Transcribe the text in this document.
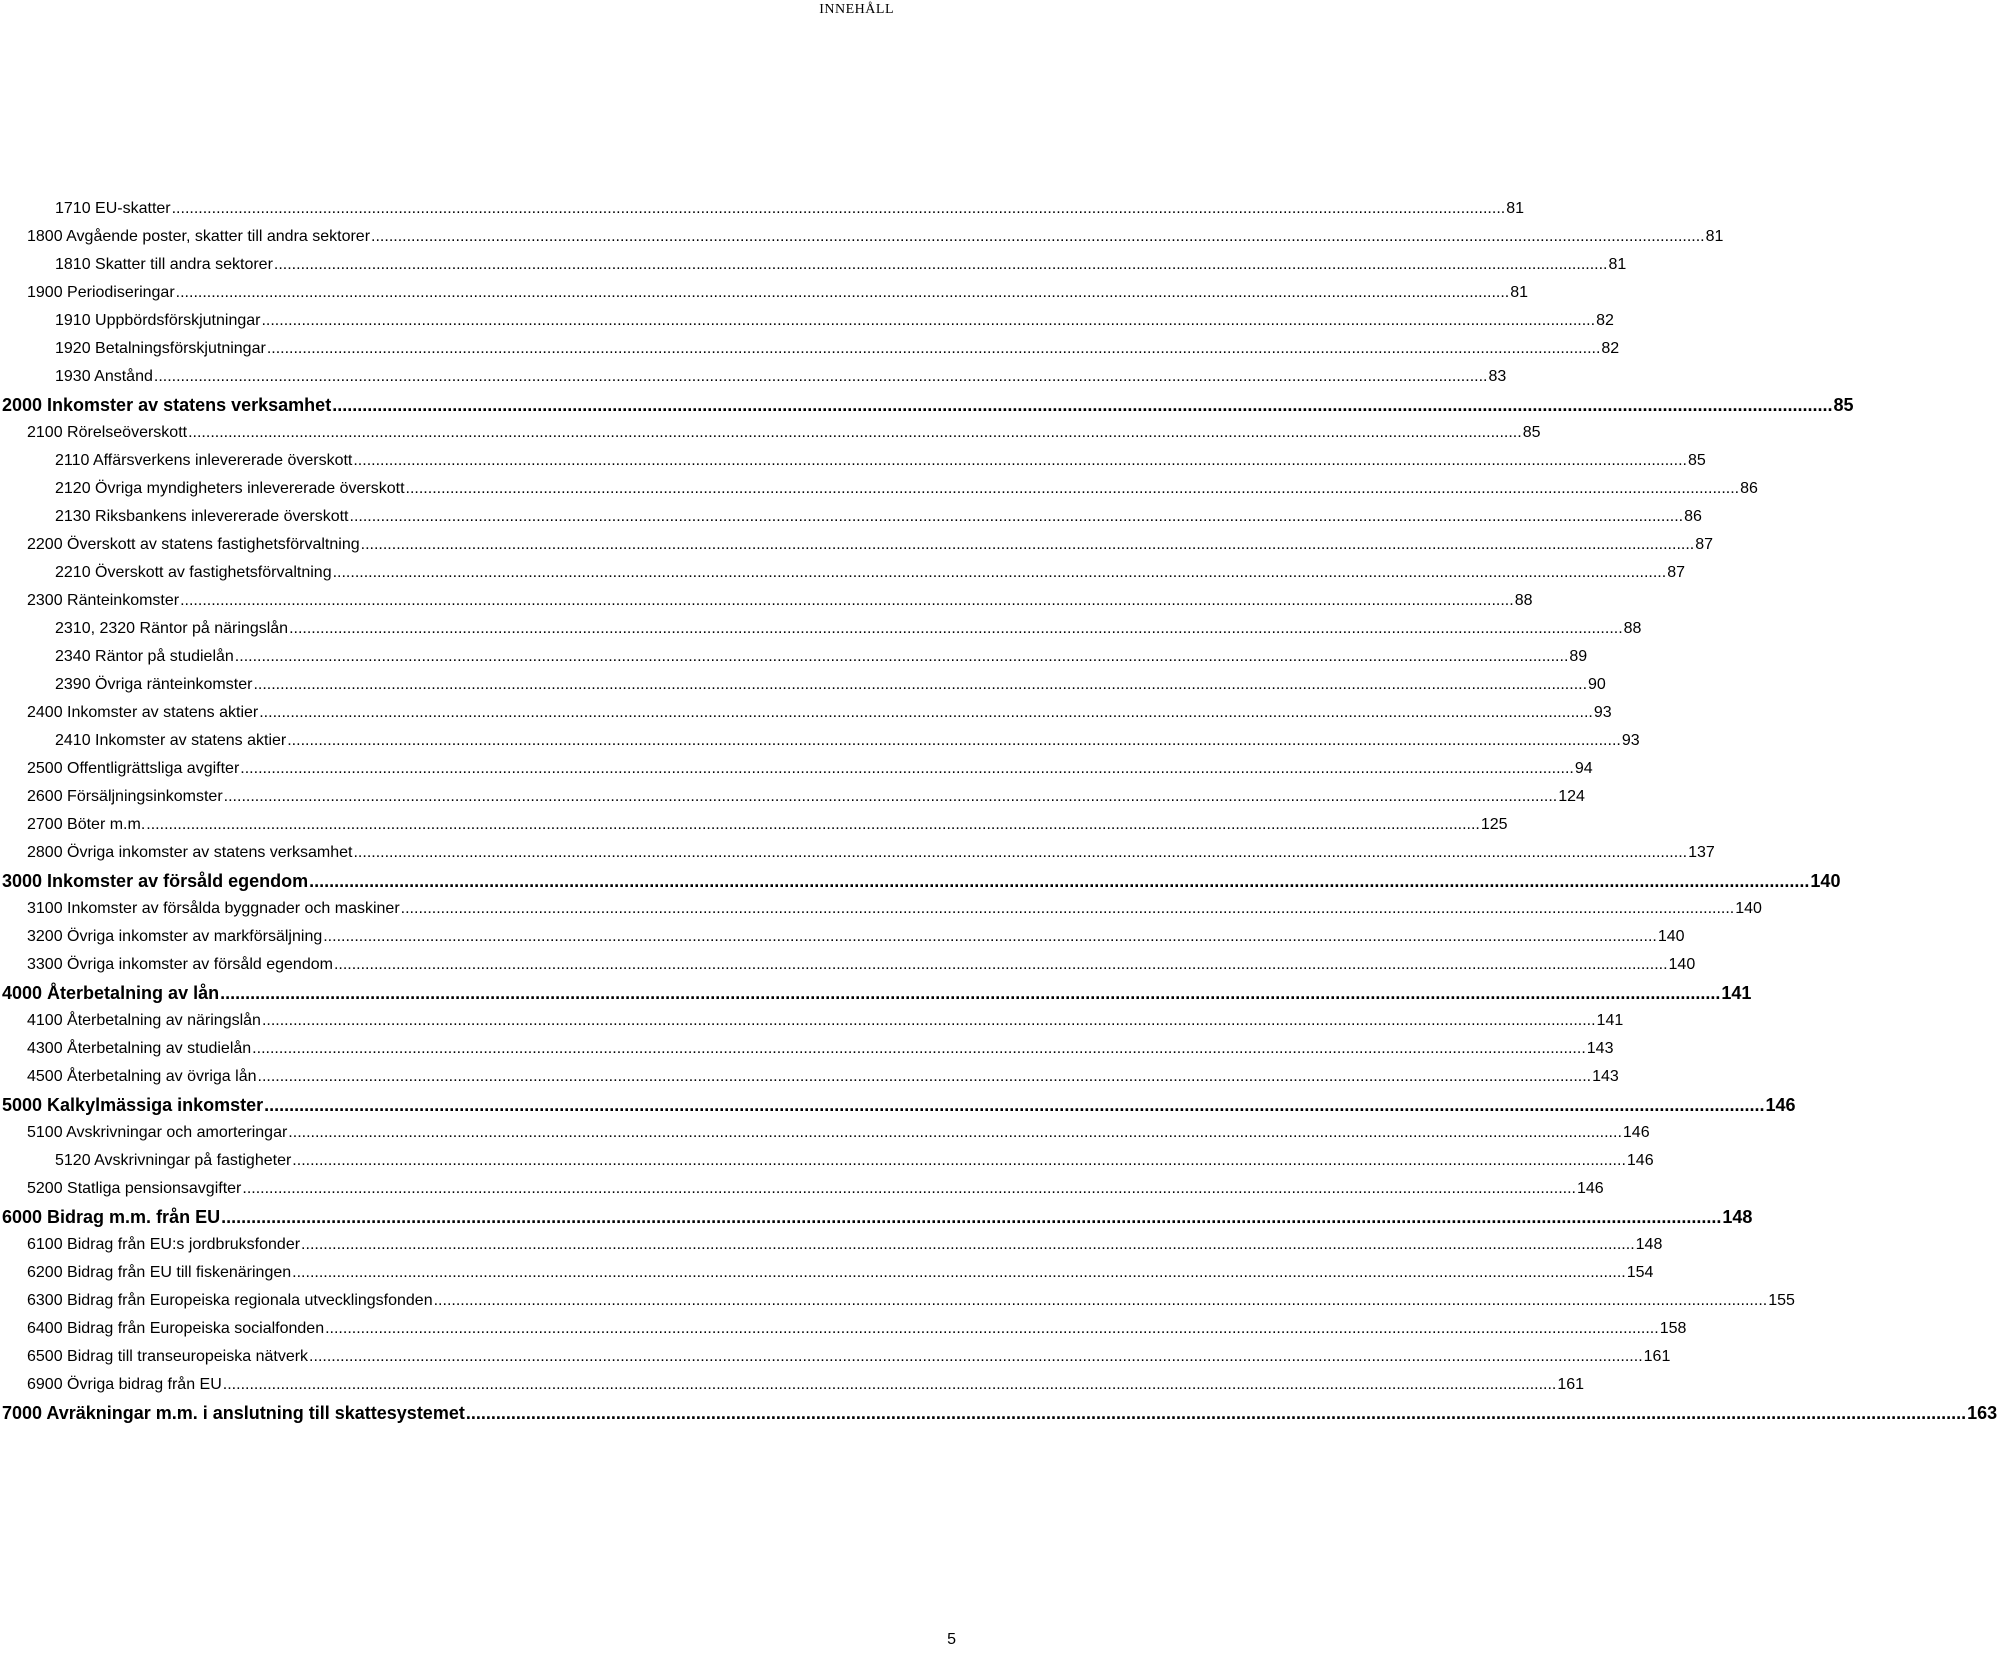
INNEHÅLL
1710 EU-skatter ............................................................................................................................................................................................................................................................................................................ 81
1800 Avgående poster, skatter till andra sektorer ............................................................................................................................................................................................................................................................................................................ 81
1810 Skatter till andra sektorer ............................................................................................................................................................................................................................................................................................................ 81
1900 Periodiseringar ............................................................................................................................................................................................................................................................................................................ 81
1910 Uppbördsförskjutningar ............................................................................................................................................................................................................................................................................................................ 82
1920 Betalningsförskjutningar ............................................................................................................................................................................................................................................................................................................ 82
1930 Anstånd ............................................................................................................................................................................................................................................................................................................ 83
2000 Inkomster av statens verksamhet ............................................................................................................................................................................................................................................................................................................ 85
2100 Rörelseöverskott ............................................................................................................................................................................................................................................................................................................ 85
2110 Affärsverkens inlevererade överskott ............................................................................................................................................................................................................................................................................................................ 85
2120 Övriga myndigheters inlevererade överskott ............................................................................................................................................................................................................................................................................................................ 86
2130 Riksbankens inlevererade överskott ............................................................................................................................................................................................................................................................................................................ 86
2200 Överskott av statens fastighetsförvaltning ............................................................................................................................................................................................................................................................................................................ 87
2210 Överskott av fastighetsförvaltning ............................................................................................................................................................................................................................................................................................................ 87
2300 Ränteinkomster ............................................................................................................................................................................................................................................................................................................ 88
2310, 2320 Räntor på näringslån ............................................................................................................................................................................................................................................................................................................ 88
2340 Räntor på studielån ............................................................................................................................................................................................................................................................................................................ 89
2390 Övriga ränteinkomster ............................................................................................................................................................................................................................................................................................................ 90
2400 Inkomster av statens aktier ............................................................................................................................................................................................................................................................................................................ 93
2410 Inkomster av statens aktier ............................................................................................................................................................................................................................................................................................................ 93
2500 Offentligrättsliga avgifter ............................................................................................................................................................................................................................................................................................................ 94
2600 Försäljningsinkomster ............................................................................................................................................................................................................................................................................................................ 124
2700 Böter m.m. ............................................................................................................................................................................................................................................................................................................ 125
2800 Övriga inkomster av statens verksamhet ............................................................................................................................................................................................................................................................................................................ 137
3000 Inkomster av försåld egendom ............................................................................................................................................................................................................................................................................................................ 140
3100 Inkomster av försålda byggnader och maskiner ............................................................................................................................................................................................................................................................................................................ 140
3200 Övriga inkomster av markförsäljning ............................................................................................................................................................................................................................................................................................................ 140
3300 Övriga inkomster av försåld egendom ............................................................................................................................................................................................................................................................................................................ 140
4000 Återbetalning av lån ............................................................................................................................................................................................................................................................................................................ 141
4100 Återbetalning av näringslån ............................................................................................................................................................................................................................................................................................................ 141
4300 Återbetalning av studielån ............................................................................................................................................................................................................................................................................................................ 143
4500 Återbetalning av övriga lån ............................................................................................................................................................................................................................................................................................................ 143
5000 Kalkylmässiga inkomster ............................................................................................................................................................................................................................................................................................................ 146
5100 Avskrivningar och amorteringar ............................................................................................................................................................................................................................................................................................................ 146
5120 Avskrivningar på fastigheter ............................................................................................................................................................................................................................................................................................................ 146
5200 Statliga pensionsavgifter ............................................................................................................................................................................................................................................................................................................ 146
6000 Bidrag m.m. från EU ............................................................................................................................................................................................................................................................................................................ 148
6100 Bidrag från EU:s jordbruksfonder ............................................................................................................................................................................................................................................................................................................ 148
6200 Bidrag från EU till fiskenäringen ............................................................................................................................................................................................................................................................................................................ 154
6300 Bidrag från Europeiska regionala utvecklingsfonden ............................................................................................................................................................................................................................................................................................................ 155
6400 Bidrag från Europeiska socialfonden ............................................................................................................................................................................................................................................................................................................ 158
6500 Bidrag till transeuropeiska nätverk ............................................................................................................................................................................................................................................................................................................ 161
6900 Övriga bidrag från EU ............................................................................................................................................................................................................................................................................................................ 161
7000 Avräkningar m.m. i anslutning till skattesystemet ............................................................................................................................................................................................................................................................................................................ 163
5
